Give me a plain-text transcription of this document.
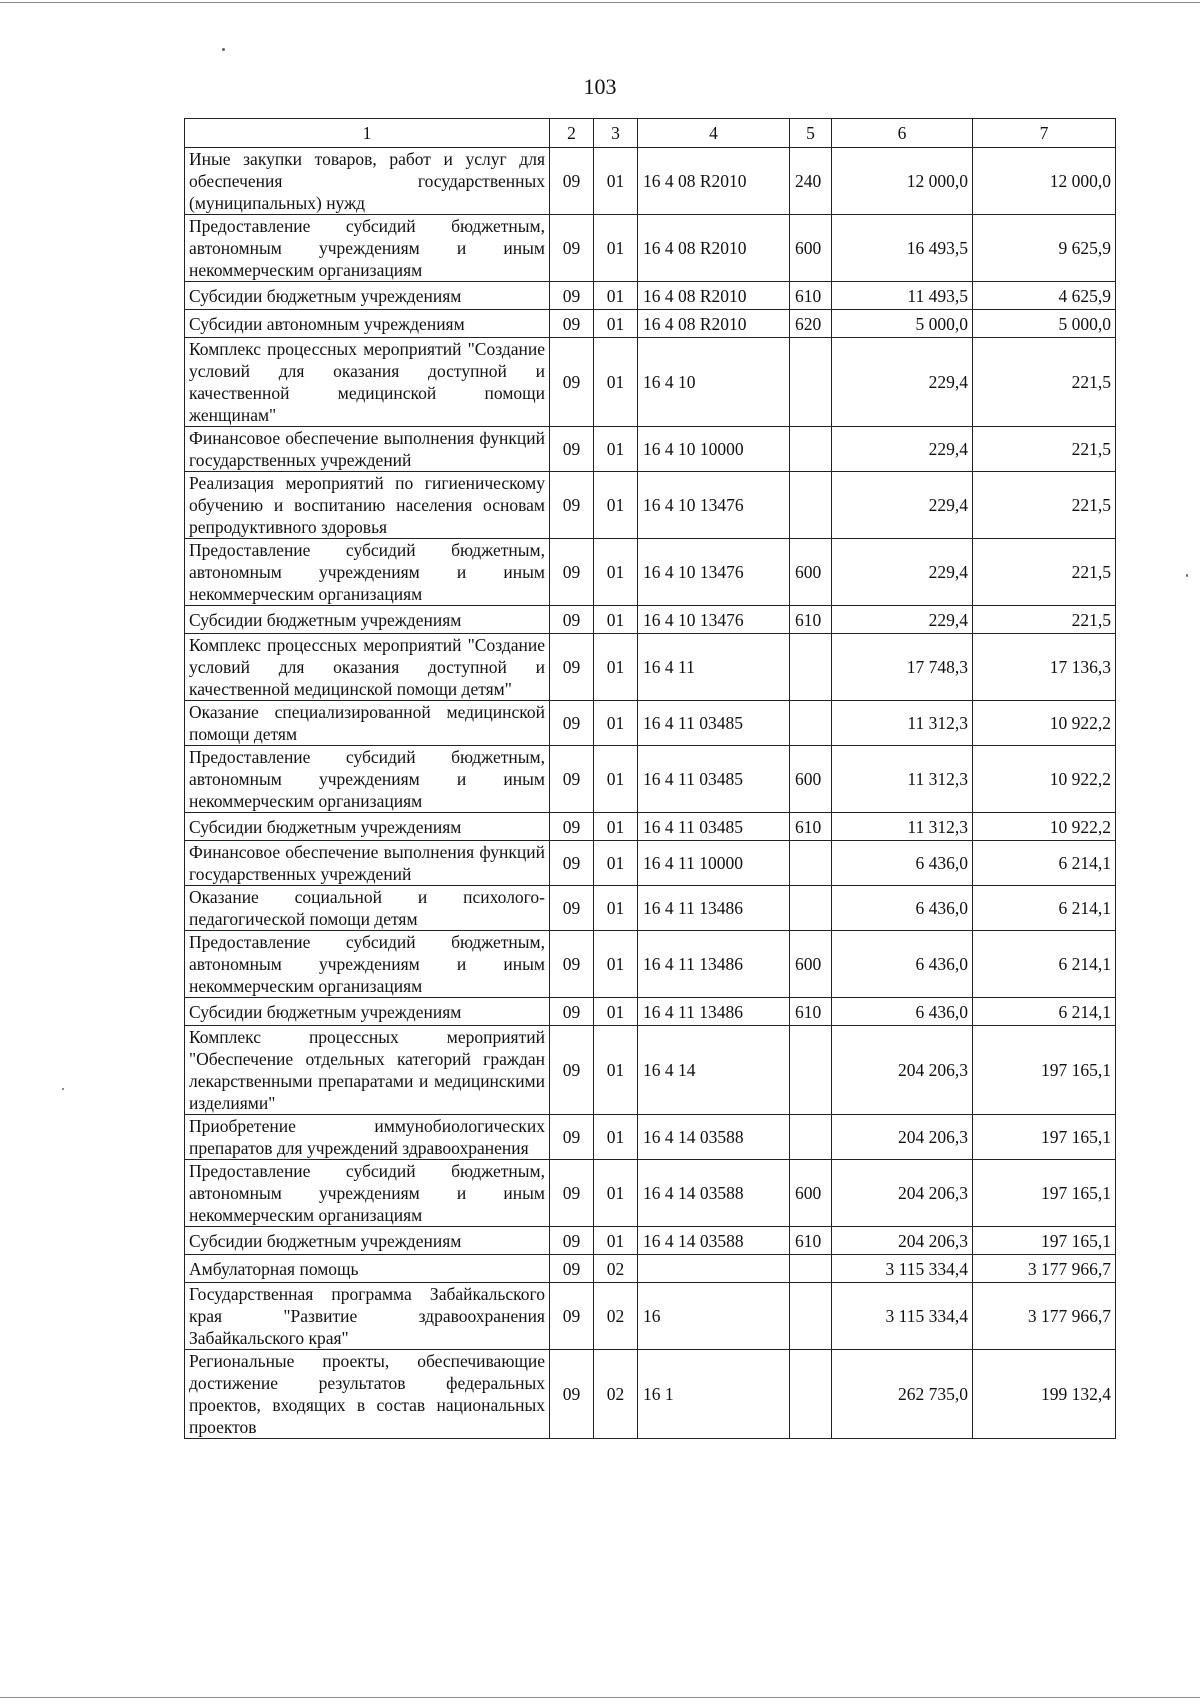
103
1	2	3	4	5	6	7
Иные закупки товаров, работ и услуг для обеспечения государственных (муниципальных) нужд	09	01	16 4 08 R2010	240	12 000,0	12 000,0
Предоставление субсидий бюджетным, автономным учреждениям и иным некоммерческим организациям	09	01	16 4 08 R2010	600	16 493,5	9 625,9
Субсидии бюджетным учреждениям	09	01	16 4 08 R2010	610	11 493,5	4 625,9
Субсидии автономным учреждениям	09	01	16 4 08 R2010	620	5 000,0	5 000,0
Комплекс процессных мероприятий "Создание условий для оказания доступной и качественной медицинской помощи женщинам"	09	01	16 4 10		229,4	221,5
Финансовое обеспечение выполнения функций государственных учреждений	09	01	16 4 10 10000		229,4	221,5
Реализация мероприятий по гигиеническому обучению и воспитанию населения основам репродуктивного здоровья	09	01	16 4 10 13476		229,4	221,5
Предоставление субсидий бюджетным, автономным учреждениям и иным некоммерческим организациям	09	01	16 4 10 13476	600	229,4	221,5
Субсидии бюджетным учреждениям	09	01	16 4 10 13476	610	229,4	221,5
Комплекс процессных мероприятий "Создание условий для оказания доступной и качественной медицинской помощи детям"	09	01	16 4 11		17 748,3	17 136,3
Оказание специализированной медицинской помощи детям	09	01	16 4 11 03485		11 312,3	10 922,2
Предоставление субсидий бюджетным, автономным учреждениям и иным некоммерческим организациям	09	01	16 4 11 03485	600	11 312,3	10 922,2
Субсидии бюджетным учреждениям	09	01	16 4 11 03485	610	11 312,3	10 922,2
Финансовое обеспечение выполнения функций государственных учреждений	09	01	16 4 11 10000		6 436,0	6 214,1
Оказание социальной и психолого-педагогической помощи детям	09	01	16 4 11 13486		6 436,0	6 214,1
Предоставление субсидий бюджетным, автономным учреждениям и иным некоммерческим организациям	09	01	16 4 11 13486	600	6 436,0	6 214,1
Субсидии бюджетным учреждениям	09	01	16 4 11 13486	610	6 436,0	6 214,1
Комплекс процессных мероприятий "Обеспечение отдельных категорий граждан лекарственными препаратами и медицинскими изделиями"	09	01	16 4 14		204 206,3	197 165,1
Приобретение иммунобиологических препаратов для учреждений здравоохранения	09	01	16 4 14 03588		204 206,3	197 165,1
Предоставление субсидий бюджетным, автономным учреждениям и иным некоммерческим организациям	09	01	16 4 14 03588	600	204 206,3	197 165,1
Субсидии бюджетным учреждениям	09	01	16 4 14 03588	610	204 206,3	197 165,1
Амбулаторная помощь	09	02			3 115 334,4	3 177 966,7
Государственная программа Забайкальского края "Развитие здравоохранения Забайкальского края"	09	02	16		3 115 334,4	3 177 966,7
Региональные проекты, обеспечивающие достижение результатов федеральных проектов, входящих в состав национальных проектов	09	02	16 1		262 735,0	199 132,4
